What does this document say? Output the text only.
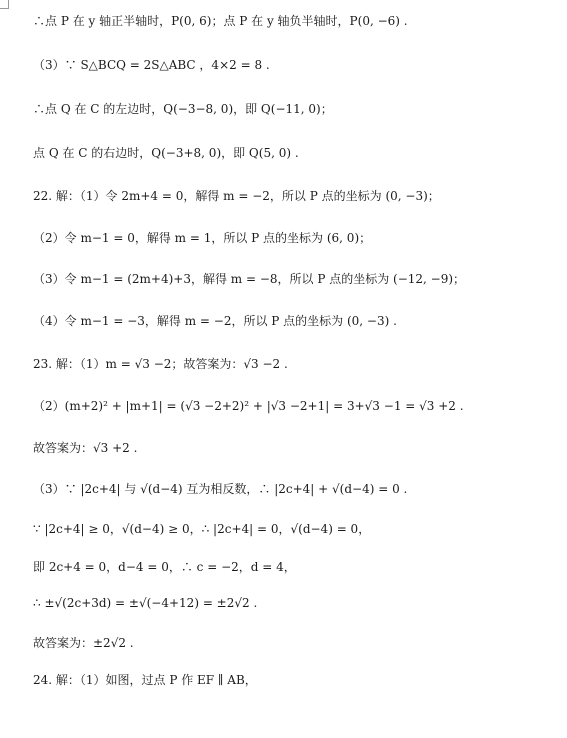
∴点 P 在 y 轴正半轴时，P(0, 6)；点 P 在 y 轴负半轴时，P(0, −6) .
（3）∵ S△BCQ = 2S△ABC ，4×2 = 8 .
∴点 Q 在 C 的左边时，Q(−3−8, 0)，即 Q(−11, 0)；
点 Q 在 C 的右边时，Q(−3+8, 0)，即 Q(5, 0) .
22. 解：（1）令 2m+4 = 0，解得 m = −2，所以 P 点的坐标为 (0, −3)；
（2）令 m−1 = 0，解得 m = 1，所以 P 点的坐标为 (6, 0)；
（3）令 m−1 = (2m+4)+3，解得 m = −8，所以 P 点的坐标为 (−12, −9)；
（4）令 m−1 = −3，解得 m = −2，所以 P 点的坐标为 (0, −3) .
23. 解：（1）m = √3 −2；故答案为：√3 −2 .
（2）(m+2)² + |m+1| = (√3 −2+2)² + |√3 −2+1| = 3+√3 −1 = √3 +2 .
故答案为：√3 +2 .
（3）∵ |2c+4| 与 √(d−4) 互为相反数，∴ |2c+4| + √(d−4) = 0 .
∵ |2c+4| ≥ 0，√(d−4) ≥ 0，∴ |2c+4| = 0，√(d−4) = 0，
即 2c+4 = 0，d−4 = 0，∴ c = −2，d = 4，
∴ ±√(2c+3d) = ±√(−4+12) = ±2√2 .
故答案为：±2√2 .
24. 解：（1）如图，过点 P 作 EF ∥ AB，
